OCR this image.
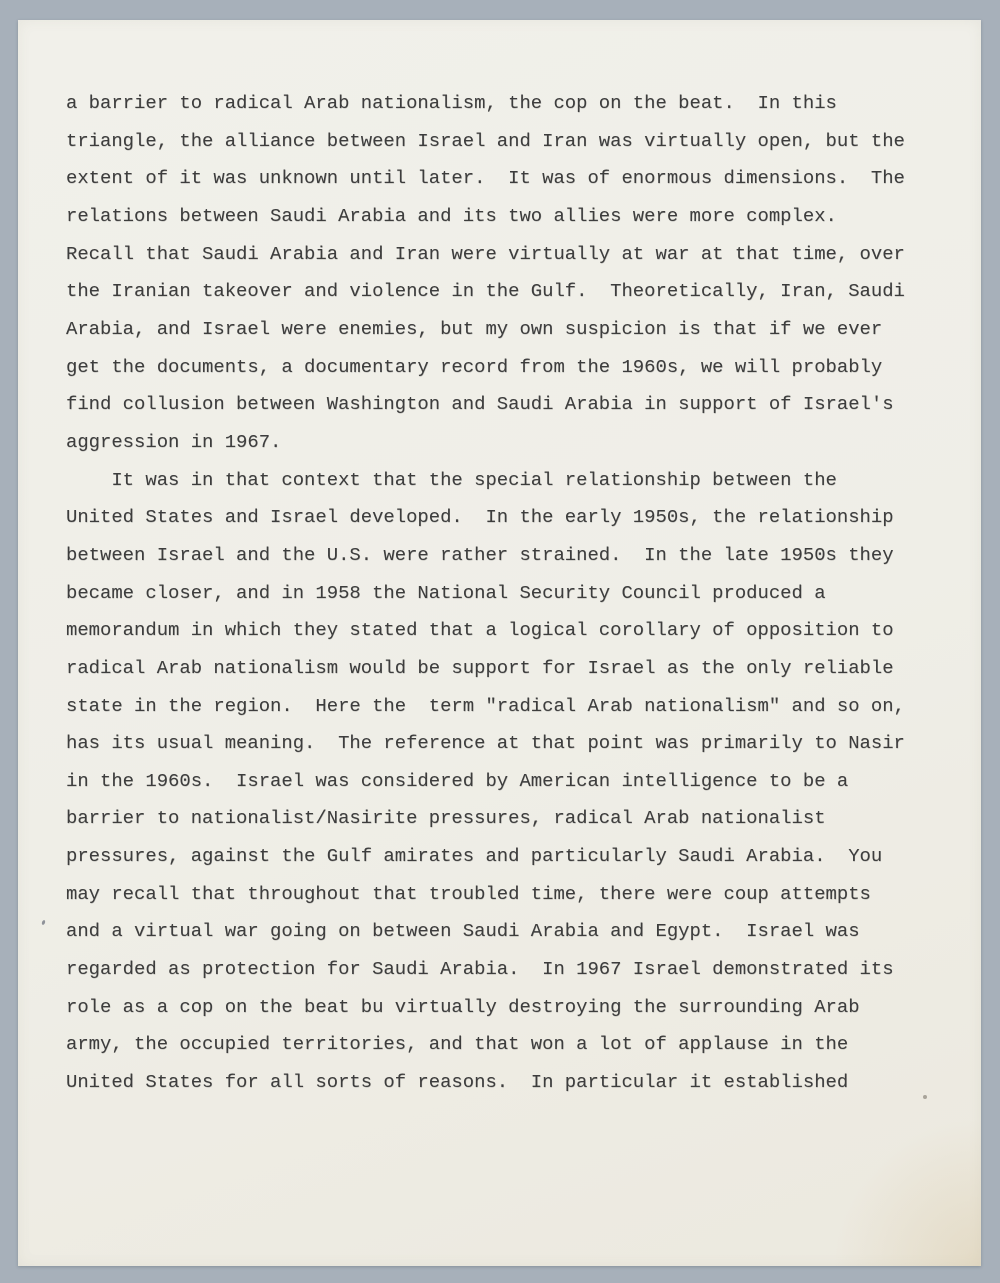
a barrier to radical Arab nationalism, the cop on the beat.  In this
triangle, the alliance between Israel and Iran was virtually open, but the
extent of it was unknown until later.  It was of enormous dimensions.  The
relations between Saudi Arabia and its two allies were more complex.
Recall that Saudi Arabia and Iran were virtually at war at that time, over
the Iranian takeover and violence in the Gulf.  Theoretically, Iran, Saudi
Arabia, and Israel were enemies, but my own suspicion is that if we ever
get the documents, a documentary record from the 1960s, we will probably
find collusion between Washington and Saudi Arabia in support of Israel's
aggression in 1967.
It was in that context that the special relationship between the
United States and Israel developed.  In the early 1950s, the relationship
between Israel and the U.S. were rather strained.  In the late 1950s they
became closer, and in 1958 the National Security Council produced a
memorandum in which they stated that a logical corollary of opposition to
radical Arab nationalism would be support for Israel as the only reliable
state in the region.  Here the  term "radical Arab nationalism" and so on,
has its usual meaning.  The reference at that point was primarily to Nasir
in the 1960s.  Israel was considered by American intelligence to be a
barrier to nationalist/Nasirite pressures, radical Arab nationalist
pressures, against the Gulf amirates and particularly Saudi Arabia.  You
may recall that throughout that troubled time, there were coup attempts
and a virtual war going on between Saudi Arabia and Egypt.  Israel was
regarded as protection for Saudi Arabia.  In 1967 Israel demonstrated its
role as a cop on the beat bu virtually destroying the surrounding Arab
army, the occupied territories, and that won a lot of applause in the
United States for all sorts of reasons.  In particular it established
